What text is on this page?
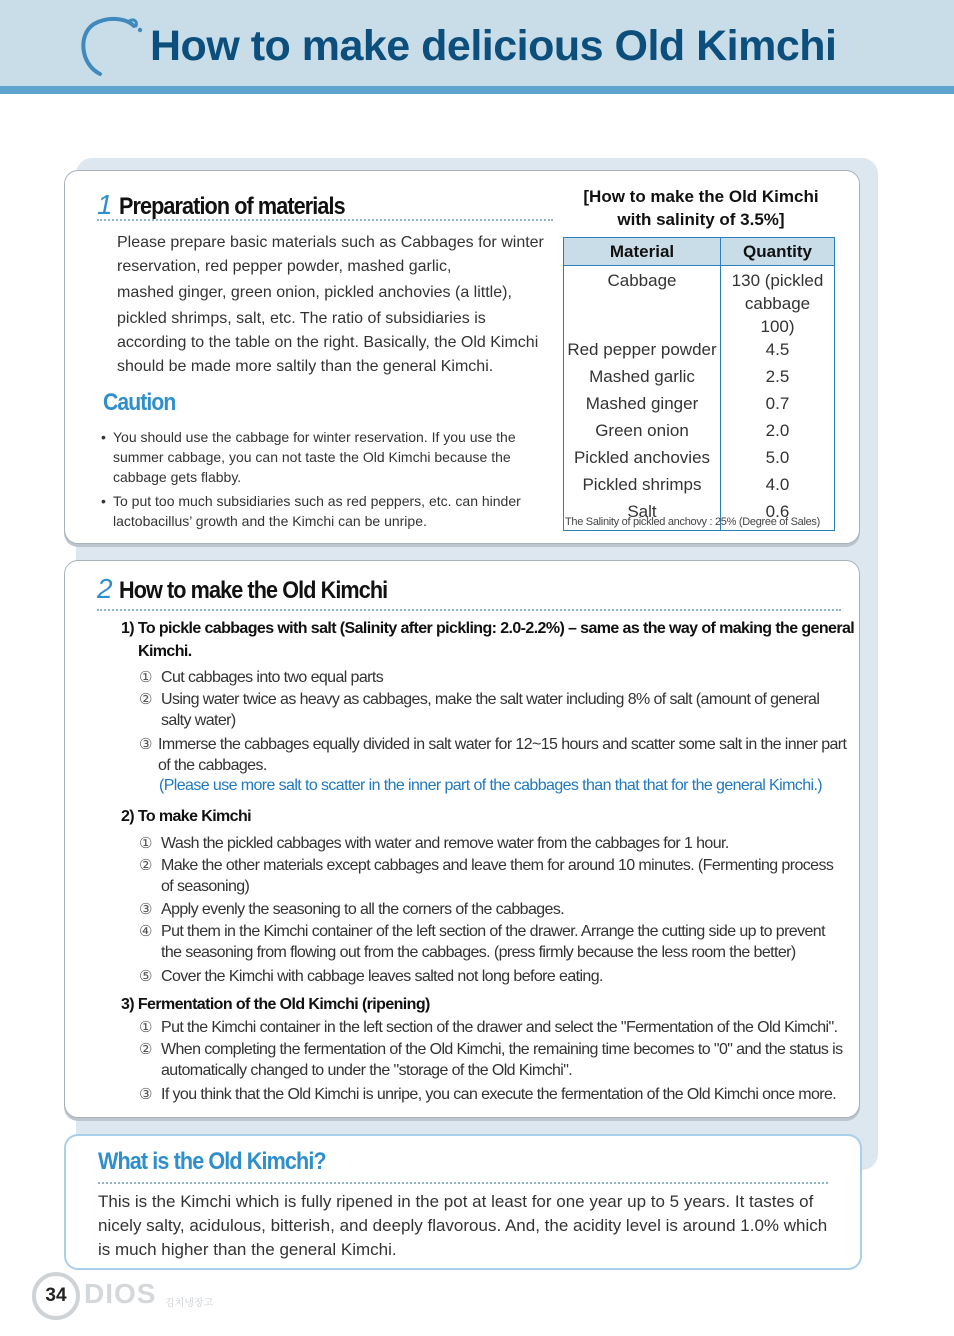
How to make delicious Old Kimchi
1 Preparation of materials
Please prepare basic materials such as Cabbages for winter
reservation, red pepper powder, mashed garlic,
mashed ginger, green onion, pickled anchovies (a little),
pickled shrimps, salt, etc. The ratio of subsidiaries is
according to the table on the right. Basically, the Old Kimchi
should be made more saltily than the general Kimchi.
Caution
• You should use the cabbage for winter reservation. If you use the summer cabbage, you can not taste the Old Kimchi because the cabbage gets flabby.
• To put too much subsidiaries such as red peppers, etc. can hinder lactobacillus’ growth and the Kimchi can be unripe.
[How to make the Old Kimchi with salinity of 3.5%]
Material	Quantity
Cabbage	130 (pickled cabbage 100)
Red pepper powder	4.5
Mashed garlic	2.5
Mashed ginger	0.7
Green onion	2.0
Pickled anchovies	5.0
Pickled shrimps	4.0
Salt	0.6
The Salinity of pickled anchovy : 25% (Degree of Sales)
2 How to make the Old Kimchi
1) To pickle cabbages with salt (Salinity after pickling: 2.0-2.2%) – same as the way of making the general Kimchi.
① Cut cabbages into two equal parts
② Using water twice as heavy as cabbages, make the salt water including 8% of salt (amount of general salty water)
③ Immerse the cabbages equally divided in salt water for 12~15 hours and scatter some salt in the inner part of the cabbages.
(Please use more salt to scatter in the inner part of the cabbages than that that for the general Kimchi.)
2) To make Kimchi
① Wash the pickled cabbages with water and remove water from the cabbages for 1 hour.
② Make the other materials except cabbages and leave them for around 10 minutes. (Fermenting process of seasoning)
③ Apply evenly the seasoning to all the corners of the cabbages.
④ Put them in the Kimchi container of the left section of the drawer. Arrange the cutting side up to prevent the seasoning from flowing out from the cabbages. (press firmly because the less room the better)
⑤ Cover the Kimchi with cabbage leaves salted not long before eating.
3) Fermentation of the Old Kimchi (ripening)
① Put the Kimchi container in the left section of the drawer and select the "Fermentation of the Old Kimchi".
② When completing the fermentation of the Old Kimchi, the remaining time becomes to "0" and the status is automatically changed to under the "storage of the Old Kimchi".
③ If you think that the Old Kimchi is unripe, you can execute the fermentation of the Old Kimchi once more.
What is the Old Kimchi?
This is the Kimchi which is fully ripened in the pot at least for one year up to 5 years. It tastes of nicely salty, acidulous, bitterish, and deeply flavorous. And, the acidity level is around 1.0% which is much higher than the general Kimchi.
34 DIOS 김치냉장고
